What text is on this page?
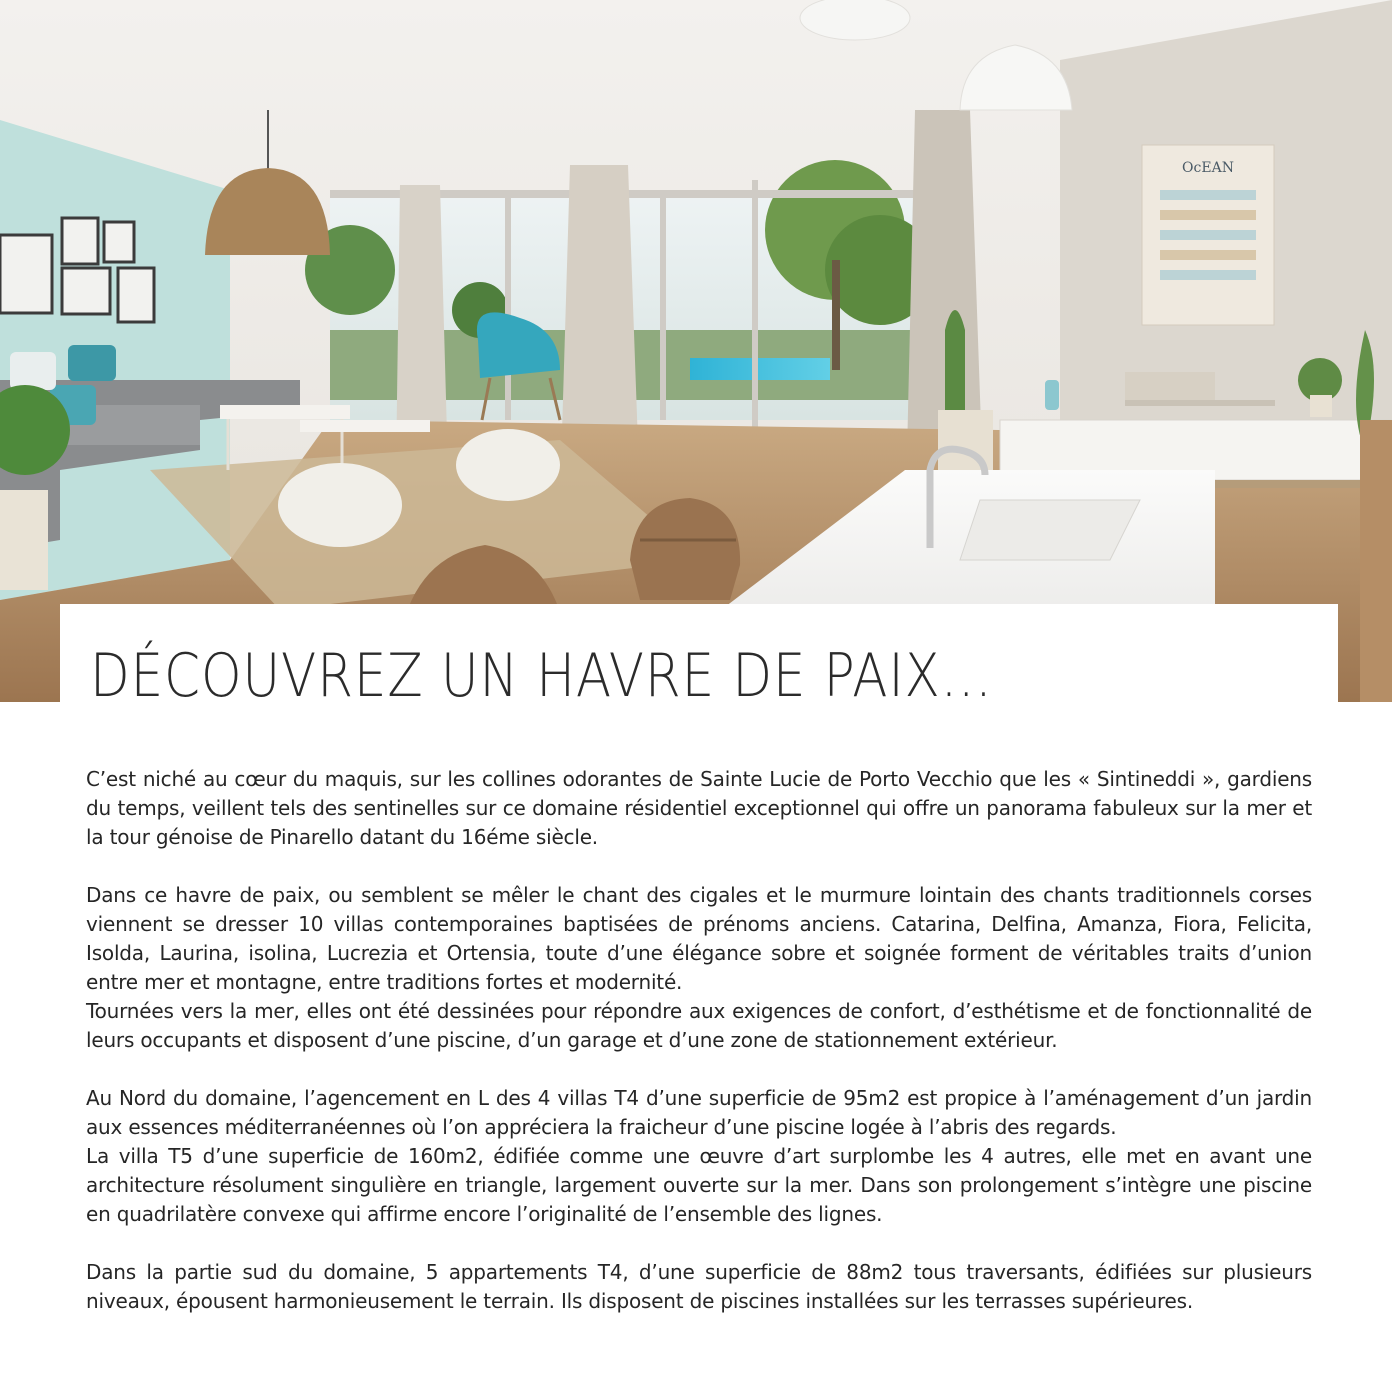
OcEAN
DÉCOUVREZ UN HAVRE DE PAIX...

C’est niché au cœur du maquis, sur les collines odorantes de Sainte Lucie de Porto Vecchio que les « Sintineddi », gardiens du temps, veillent tels des sentinelles sur ce domaine résidentiel exceptionnel qui offre un panorama fabuleux sur la mer et la tour génoise de Pinarello datant du 16éme siècle.

Dans ce havre de paix, ou semblent se mêler le chant des cigales et le murmure lointain des chants traditionnels corses viennent se dresser 10 villas contemporaines baptisées de prénoms anciens. Catarina, Delfina, Amanza, Fiora, Felicita, Isolda, Laurina, isolina, Lucrezia et Ortensia, toute d’une élégance sobre et soignée forment de véritables traits d’union entre mer et montagne, entre traditions fortes et modernité.

Tournées vers la mer, elles ont été dessinées pour répondre aux exigences de confort, d’esthétisme et de fonctionnalité de leurs occupants et disposent d’une piscine, d’un garage et d’une zone de stationnement extérieur.

Au Nord du domaine, l’agencement en L des 4 villas T4 d’une superficie de 95m2 est propice à l’aménagement d’un jardin aux essences méditerranéennes où l’on appréciera la fraicheur d’une piscine logée à l’abris des regards.

La villa T5 d’une superficie de 160m2, édifiée comme une œuvre d’art surplombe les 4 autres, elle met en avant une architecture résolument singulière en triangle, largement ouverte sur la mer. Dans son prolongement s’intègre une piscine en quadrilatère convexe qui affirme encore l’originalité de l’ensemble des lignes.

Dans la partie sud du domaine, 5 appartements T4, d’une superficie de 88m2 tous traversants, édifiées sur plusieurs niveaux, épousent harmonieusement le terrain. Ils disposent de piscines installées sur les terrasses supérieures.
